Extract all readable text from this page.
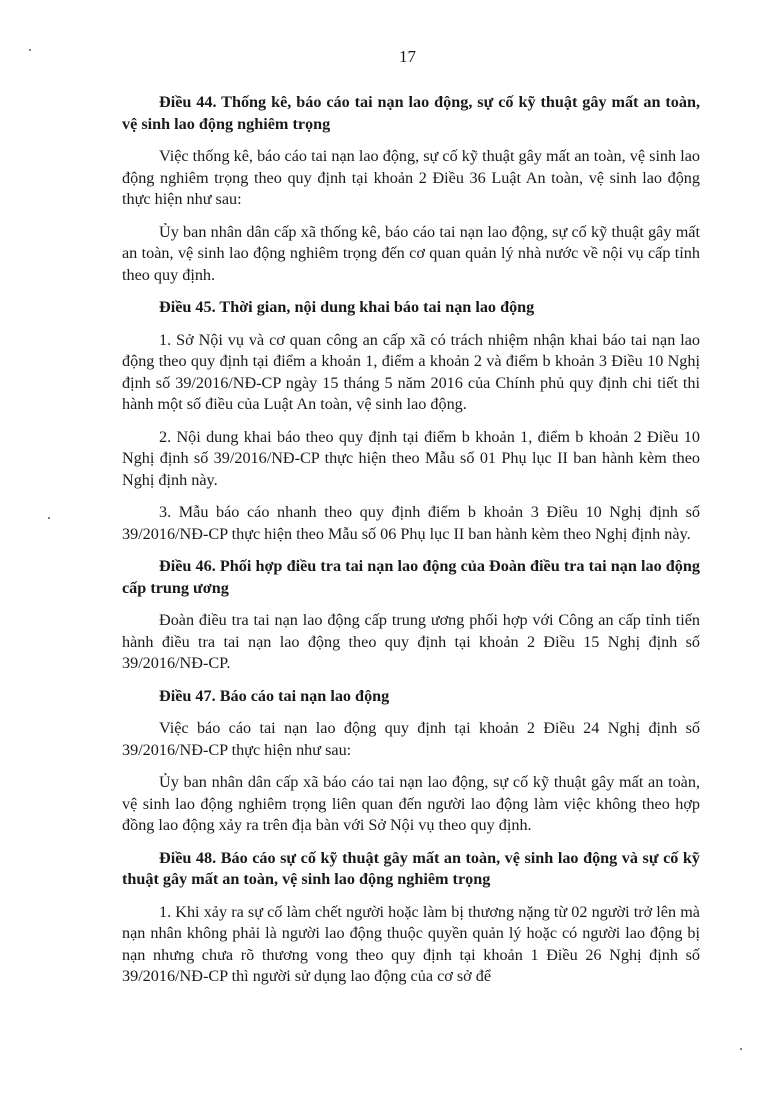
17

Điều 44. Thống kê, báo cáo tai nạn lao động, sự cố kỹ thuật gây mất an toàn, vệ sinh lao động nghiêm trọng

Việc thống kê, báo cáo tai nạn lao động, sự cố kỹ thuật gây mất an toàn, vệ sinh lao động nghiêm trọng theo quy định tại khoản 2 Điều 36 Luật An toàn, vệ sinh lao động thực hiện như sau:

Ủy ban nhân dân cấp xã thống kê, báo cáo tai nạn lao động, sự cố kỹ thuật gây mất an toàn, vệ sinh lao động nghiêm trọng đến cơ quan quản lý nhà nước về nội vụ cấp tỉnh theo quy định.

Điều 45. Thời gian, nội dung khai báo tai nạn lao động

1. Sở Nội vụ và cơ quan công an cấp xã có trách nhiệm nhận khai báo tai nạn lao động theo quy định tại điểm a khoản 1, điểm a khoản 2 và điểm b khoản 3 Điều 10 Nghị định số 39/2016/NĐ-CP ngày 15 tháng 5 năm 2016 của Chính phủ quy định chi tiết thi hành một số điều của Luật An toàn, vệ sinh lao động.

2. Nội dung khai báo theo quy định tại điểm b khoản 1, điểm b khoản 2 Điều 10 Nghị định số 39/2016/NĐ-CP thực hiện theo Mẫu số 01 Phụ lục II ban hành kèm theo Nghị định này.

3. Mẫu báo cáo nhanh theo quy định điểm b khoản 3 Điều 10 Nghị định số 39/2016/NĐ-CP thực hiện theo Mẫu số 06 Phụ lục II ban hành kèm theo Nghị định này.

Điều 46. Phối hợp điều tra tai nạn lao động của Đoàn điều tra tai nạn lao động cấp trung ương

Đoàn điều tra tai nạn lao động cấp trung ương phối hợp với Công an cấp tỉnh tiến hành điều tra tai nạn lao động theo quy định tại khoản 2 Điều 15 Nghị định số 39/2016/NĐ-CP.

Điều 47. Báo cáo tai nạn lao động

Việc báo cáo tai nạn lao động quy định tại khoản 2 Điều 24 Nghị định số 39/2016/NĐ-CP thực hiện như sau:

Ủy ban nhân dân cấp xã báo cáo tai nạn lao động, sự cố kỹ thuật gây mất an toàn, vệ sinh lao động nghiêm trọng liên quan đến người lao động làm việc không theo hợp đồng lao động xảy ra trên địa bàn với Sở Nội vụ theo quy định.

Điều 48. Báo cáo sự cố kỹ thuật gây mất an toàn, vệ sinh lao động và sự cố kỹ thuật gây mất an toàn, vệ sinh lao động nghiêm trọng

1. Khi xảy ra sự cố làm chết người hoặc làm bị thương nặng từ 02 người trở lên mà nạn nhân không phải là người lao động thuộc quyền quản lý hoặc có người lao động bị nạn nhưng chưa rõ thương vong theo quy định tại khoản 1 Điều 26 Nghị định số 39/2016/NĐ-CP thì người sử dụng lao động của cơ sở để
